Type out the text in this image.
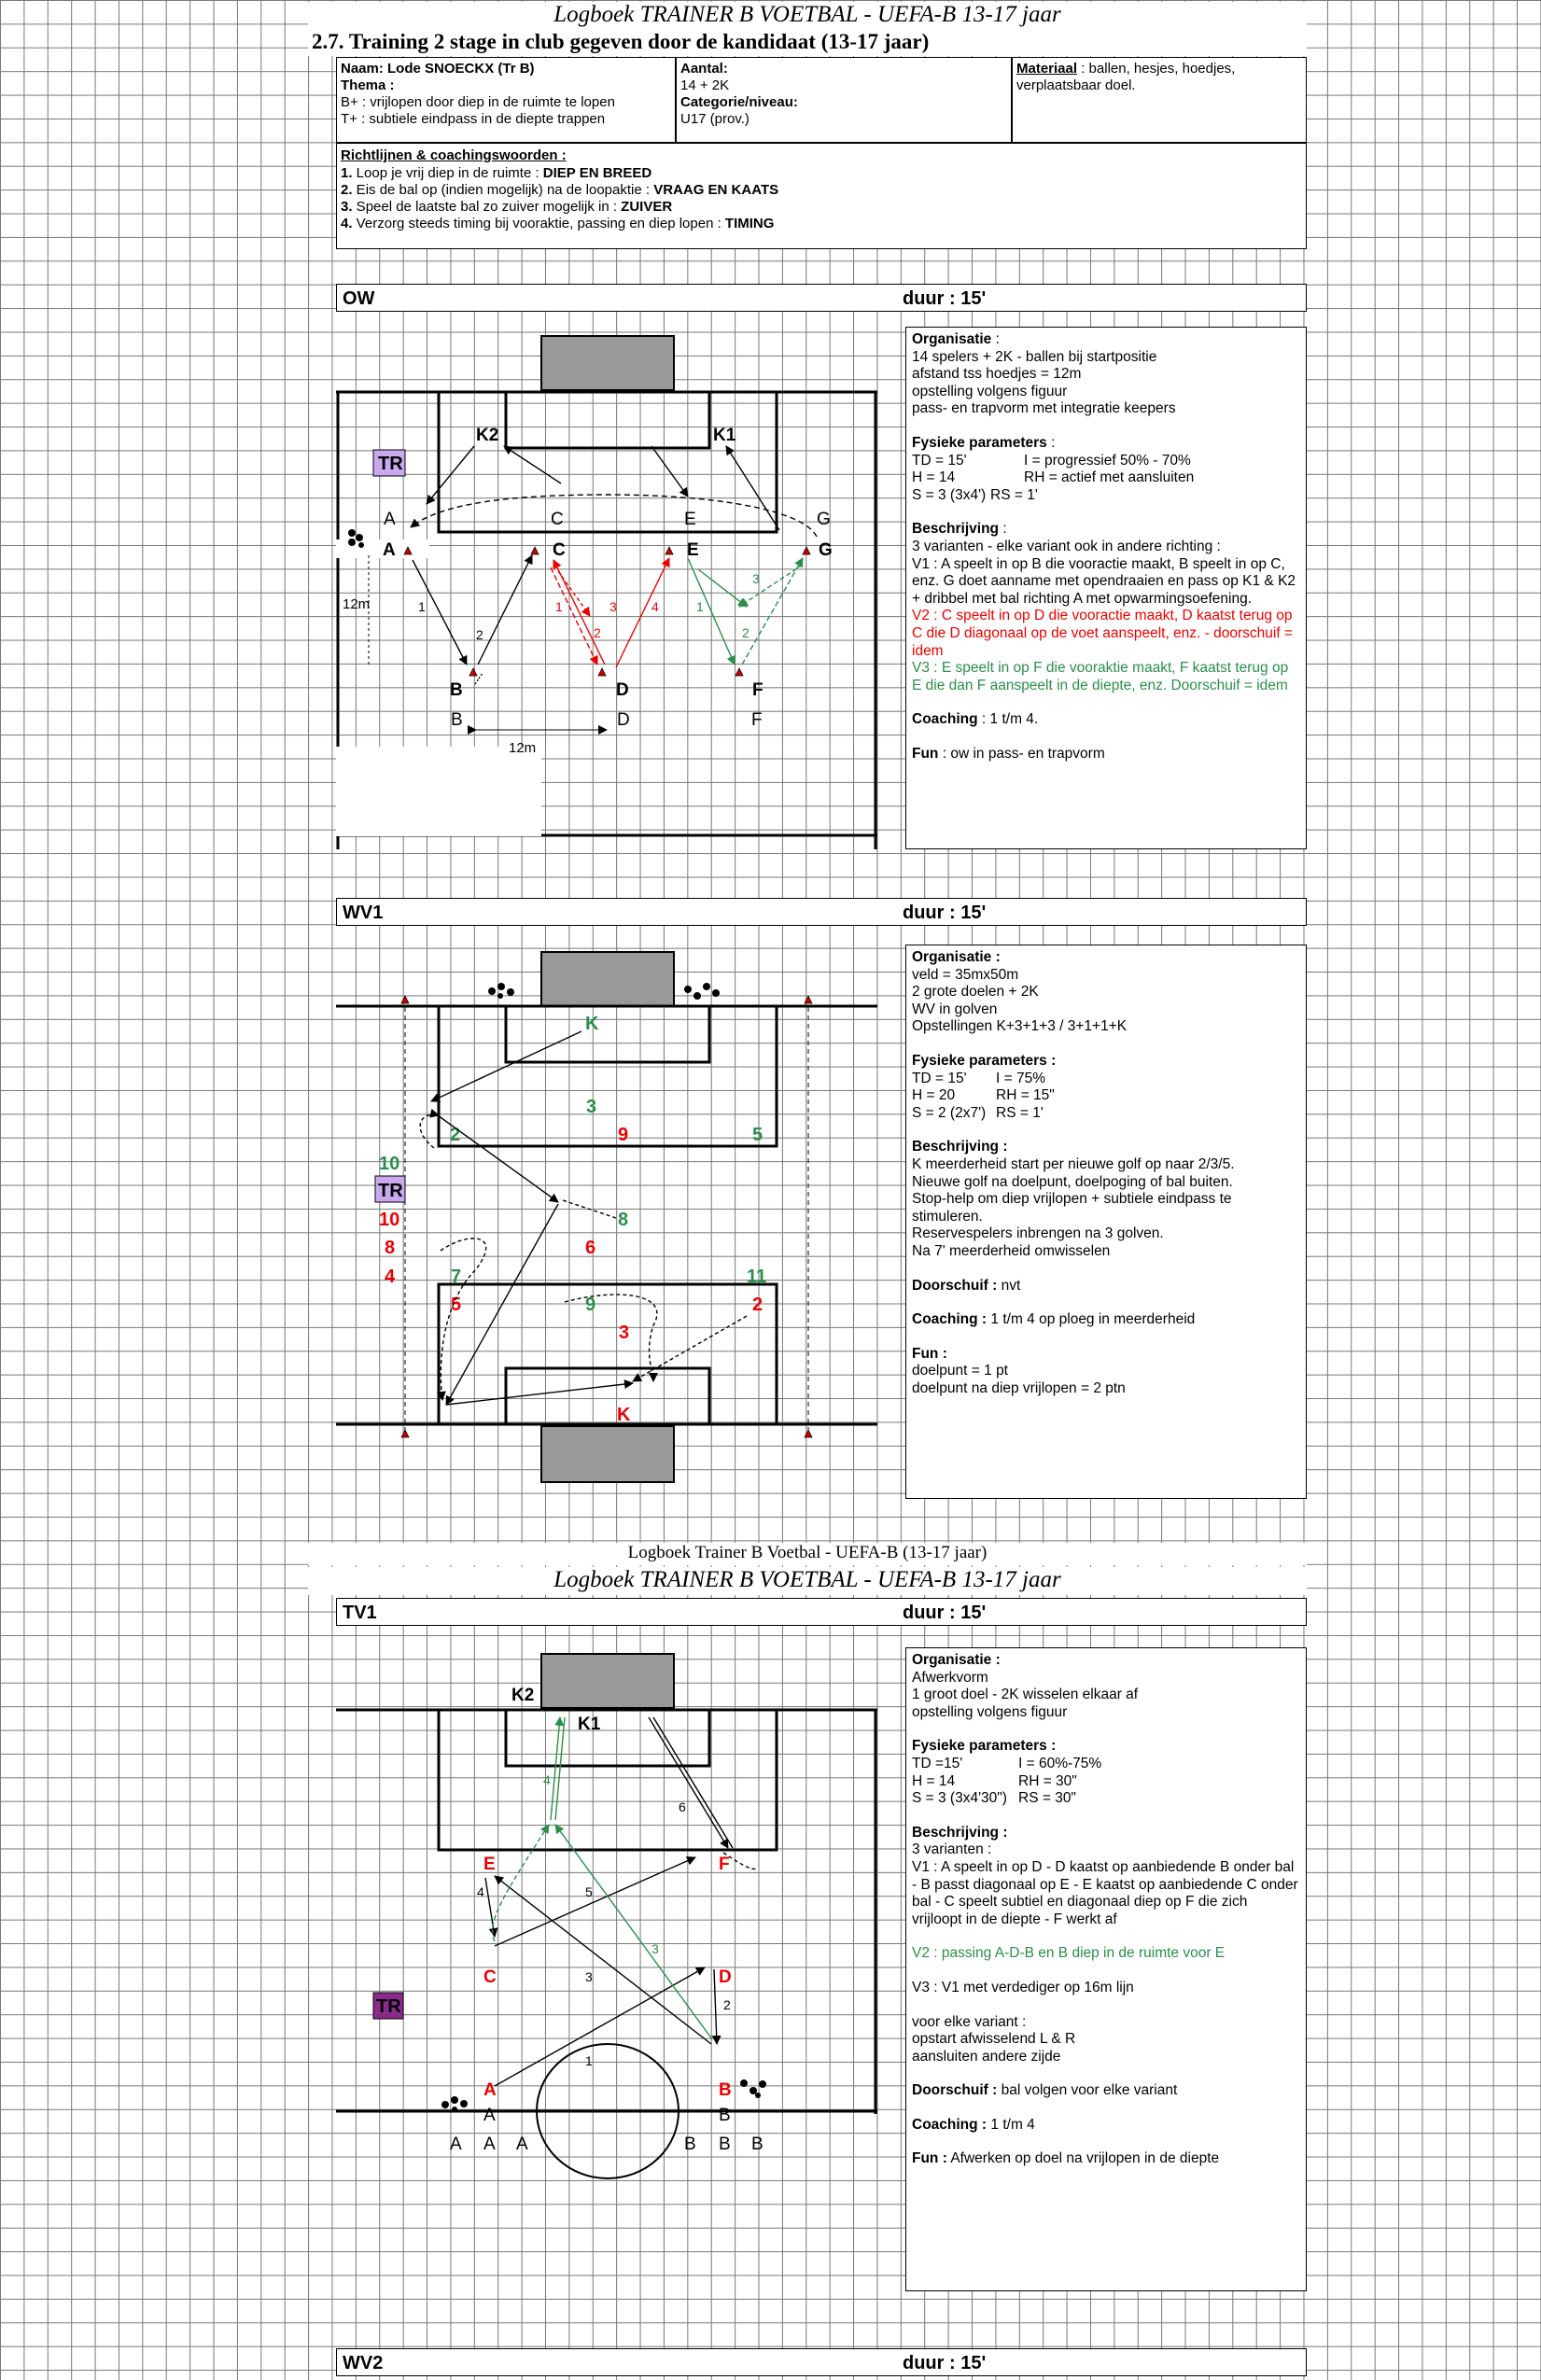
Logboek TRAINER B VOETBAL - UEFA-B 13-17 jaar
2.7. Training 2 stage in club gegeven door de kandidaat (13-17 jaar)
Naam: Lode SNOECKX (Tr B)
Thema :
B+ : vrijlopen door diep in de ruimte te lopen
T+ : subtiele eindpass in de diepte trappen
Aantal:
14 + 2K
Categorie/niveau:
U17 (prov.)
Materiaal : ballen, hesjes, hoedjes, verplaatsbaar doel.
Richtlijnen & coachingswoorden :
1. Loop je vrij diep in de ruimte : DIEP EN BREED
2. Eis de bal op (indien mogelijk) na de loopaktie : VRAAG EN KAATS
3. Speel de laatste bal zo zuiver mogelijk in : ZUIVER
4. Verzorg steeds timing bij vooraktie, passing en diep lopen : TIMING
OW	duur : 15'
TR
K2	K1
A	C	E	G
B	D	F
A	C	E	G
B	D	F
12m
12m
1
2
1	3	4
2
1
2
3
TR
K
3
2	9	5
10
10	8
8	6
4	7	11
5	9	2
3
K
TR
K2
K1
E	F
C	D
A	B
A	B
A A A	B B B
1
2
3
4	5
6
3
4

Organisatie :

14 spelers + 2K - ballen bij startpositie

afstand tss hoedjes = 12m

opstelling volgens figuur

pass- en trapvorm met integratie keepers

Fysieke parameters :

TD = 15'	I = progressief 50% - 70%

H = 14	RH = actief met aansluiten

S = 3 (3x4') RS = 1'

Beschrijving :

3 varianten - elke variant ook in andere richting :

V1 : A speelt in op B die vooractie maakt, B speelt in op C, enz. G doet aanname met opendraaien en pass op K1 & K2 + dribbel met bal richting A met opwarmingsoefening.

V2 : C speelt in op D die vooractie maakt, D kaatst terug op C die D diagonaal op de voet aanspeelt, enz. - doorschuif = idem

V3 : E speelt in op F die vooraktie maakt, F kaatst terug op E die dan F aanspeelt in de diepte, enz. Doorschuif = idem

Coaching : 1 t/m 4.

Fun : ow in pass- en trapvorm

WV1	duur : 15'

Organisatie :

veld = 35mx50m

2 grote doelen + 2K

WV in golven

Opstellingen K+3+1+3 / 3+1+1+K

Fysieke parameters :

TD = 15' I = 75%

H = 20	RH = 15"

S = 2 (2x7') RS = 1'

Beschrijving :

K meerderheid start per nieuwe golf op naar 2/3/5.

Nieuwe golf na doelpunt, doelpoging of bal buiten.

Stop-help om diep vrijlopen + subtiele eindpass te stimuleren.

Reservespelers inbrengen na 3 golven.

Na 7' meerderheid omwisselen

Doorschuif : nvt

Coaching : 1 t/m 4 op ploeg in meerderheid

Fun :

doelpunt = 1 pt

doelpunt na diep vrijlopen = 2 ptn

Logboek Trainer B Voetbal - UEFA-B (13-17 jaar)
Logboek TRAINER B VOETBAL - UEFA-B 13-17 jaar
TV1	duur : 15'

Organisatie :

Afwerkvorm

1 groot doel - 2K wisselen elkaar af

opstelling volgens figuur

Fysieke parameters :

TD =15'	I = 60%-75%

H = 14	RH = 30"

S = 3 (3x4'30") RS = 30"

Beschrijving :

3 varianten :

V1 : A speelt in op D - D kaatst op aanbiedende B onder bal - B passt diagonaal op E - E kaatst op aanbiedende C onder bal - C speelt subtiel en diagonaal diep op F die zich vrijloopt in de diepte - F werkt af

V2 : passing A-D-B en B diep in de ruimte voor E

V3 : V1 met verdediger op 16m lijn

voor elke variant :

opstart afwisselend L & R

aansluiten andere zijde

Doorschuif : bal volgen voor elke variant

Coaching : 1 t/m 4

Fun : Afwerken op doel na vrijlopen in de diepte

WV2	duur : 15'
